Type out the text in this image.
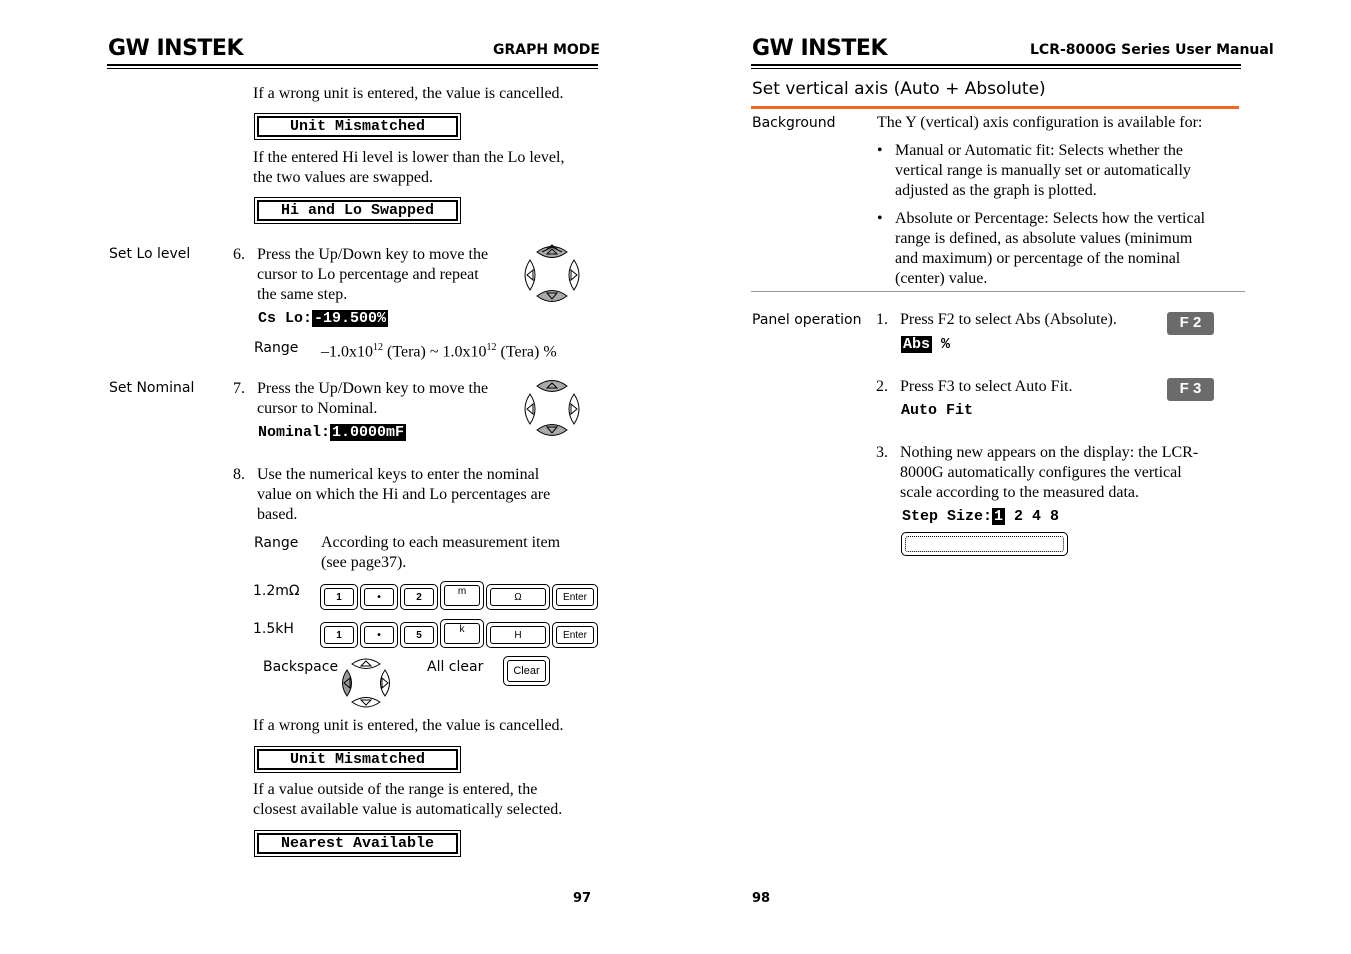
GW INSTEK	GRAPH MODE
If a wrong unit is entered, the value is cancelled.
Unit Mismatched
If the entered Hi level is lower than the Lo level,
the two values are swapped.
Hi and Lo Swapped
Set Lo level	6. Press the Up/Down key to move the
cursor to Lo percentage and repeat
the same step.
Cs Lo: -19.500%
Range $-1.0x10^{12}$ (Tera) ~ $1.0x10^{12}$ (Tera) %
Set Nominal 7. Press the Up/Down key to move the
cursor to Nominal.
Nominal: 1.0000mF
8. Use the numerical keys to enter the nominal
value on which the Hi and Lo percentages are
based.
Range According to each measurement item
(see page37).
1.2mΩ	1	•	2	m	Ω	Enter
1.5kH	1	•	5	k	H	Enter
Backspace	All clear	Clear
If a wrong unit is entered, the value is cancelled.
Unit Mismatched
If a value outside of the range is entered, the
closest available value is automatically selected.
Nearest Available
97
GW INSTEK	LCR-8000G Series User Manual
Set vertical axis (Auto + Absolute)
Background	The Y (vertical) axis configuration is available for:
• Manual or Automatic fit: Selects whether the
vertical range is manually set or automatically
adjusted as the graph is plotted.
• Absolute or Percentage: Selects how the vertical
range is defined, as absolute values (minimum
and maximum) or percentage of the nominal
(center) value.
Panel operation 1. Press F2 to select Abs (Absolute).	F 2
Abs %
2. Press F3 to select Auto Fit.	F 3
Auto Fit
3. Nothing new appears on the display: the LCR-
8000G automatically configures the vertical
scale according to the measured data.
Step Size: 1 2 4 8
98
